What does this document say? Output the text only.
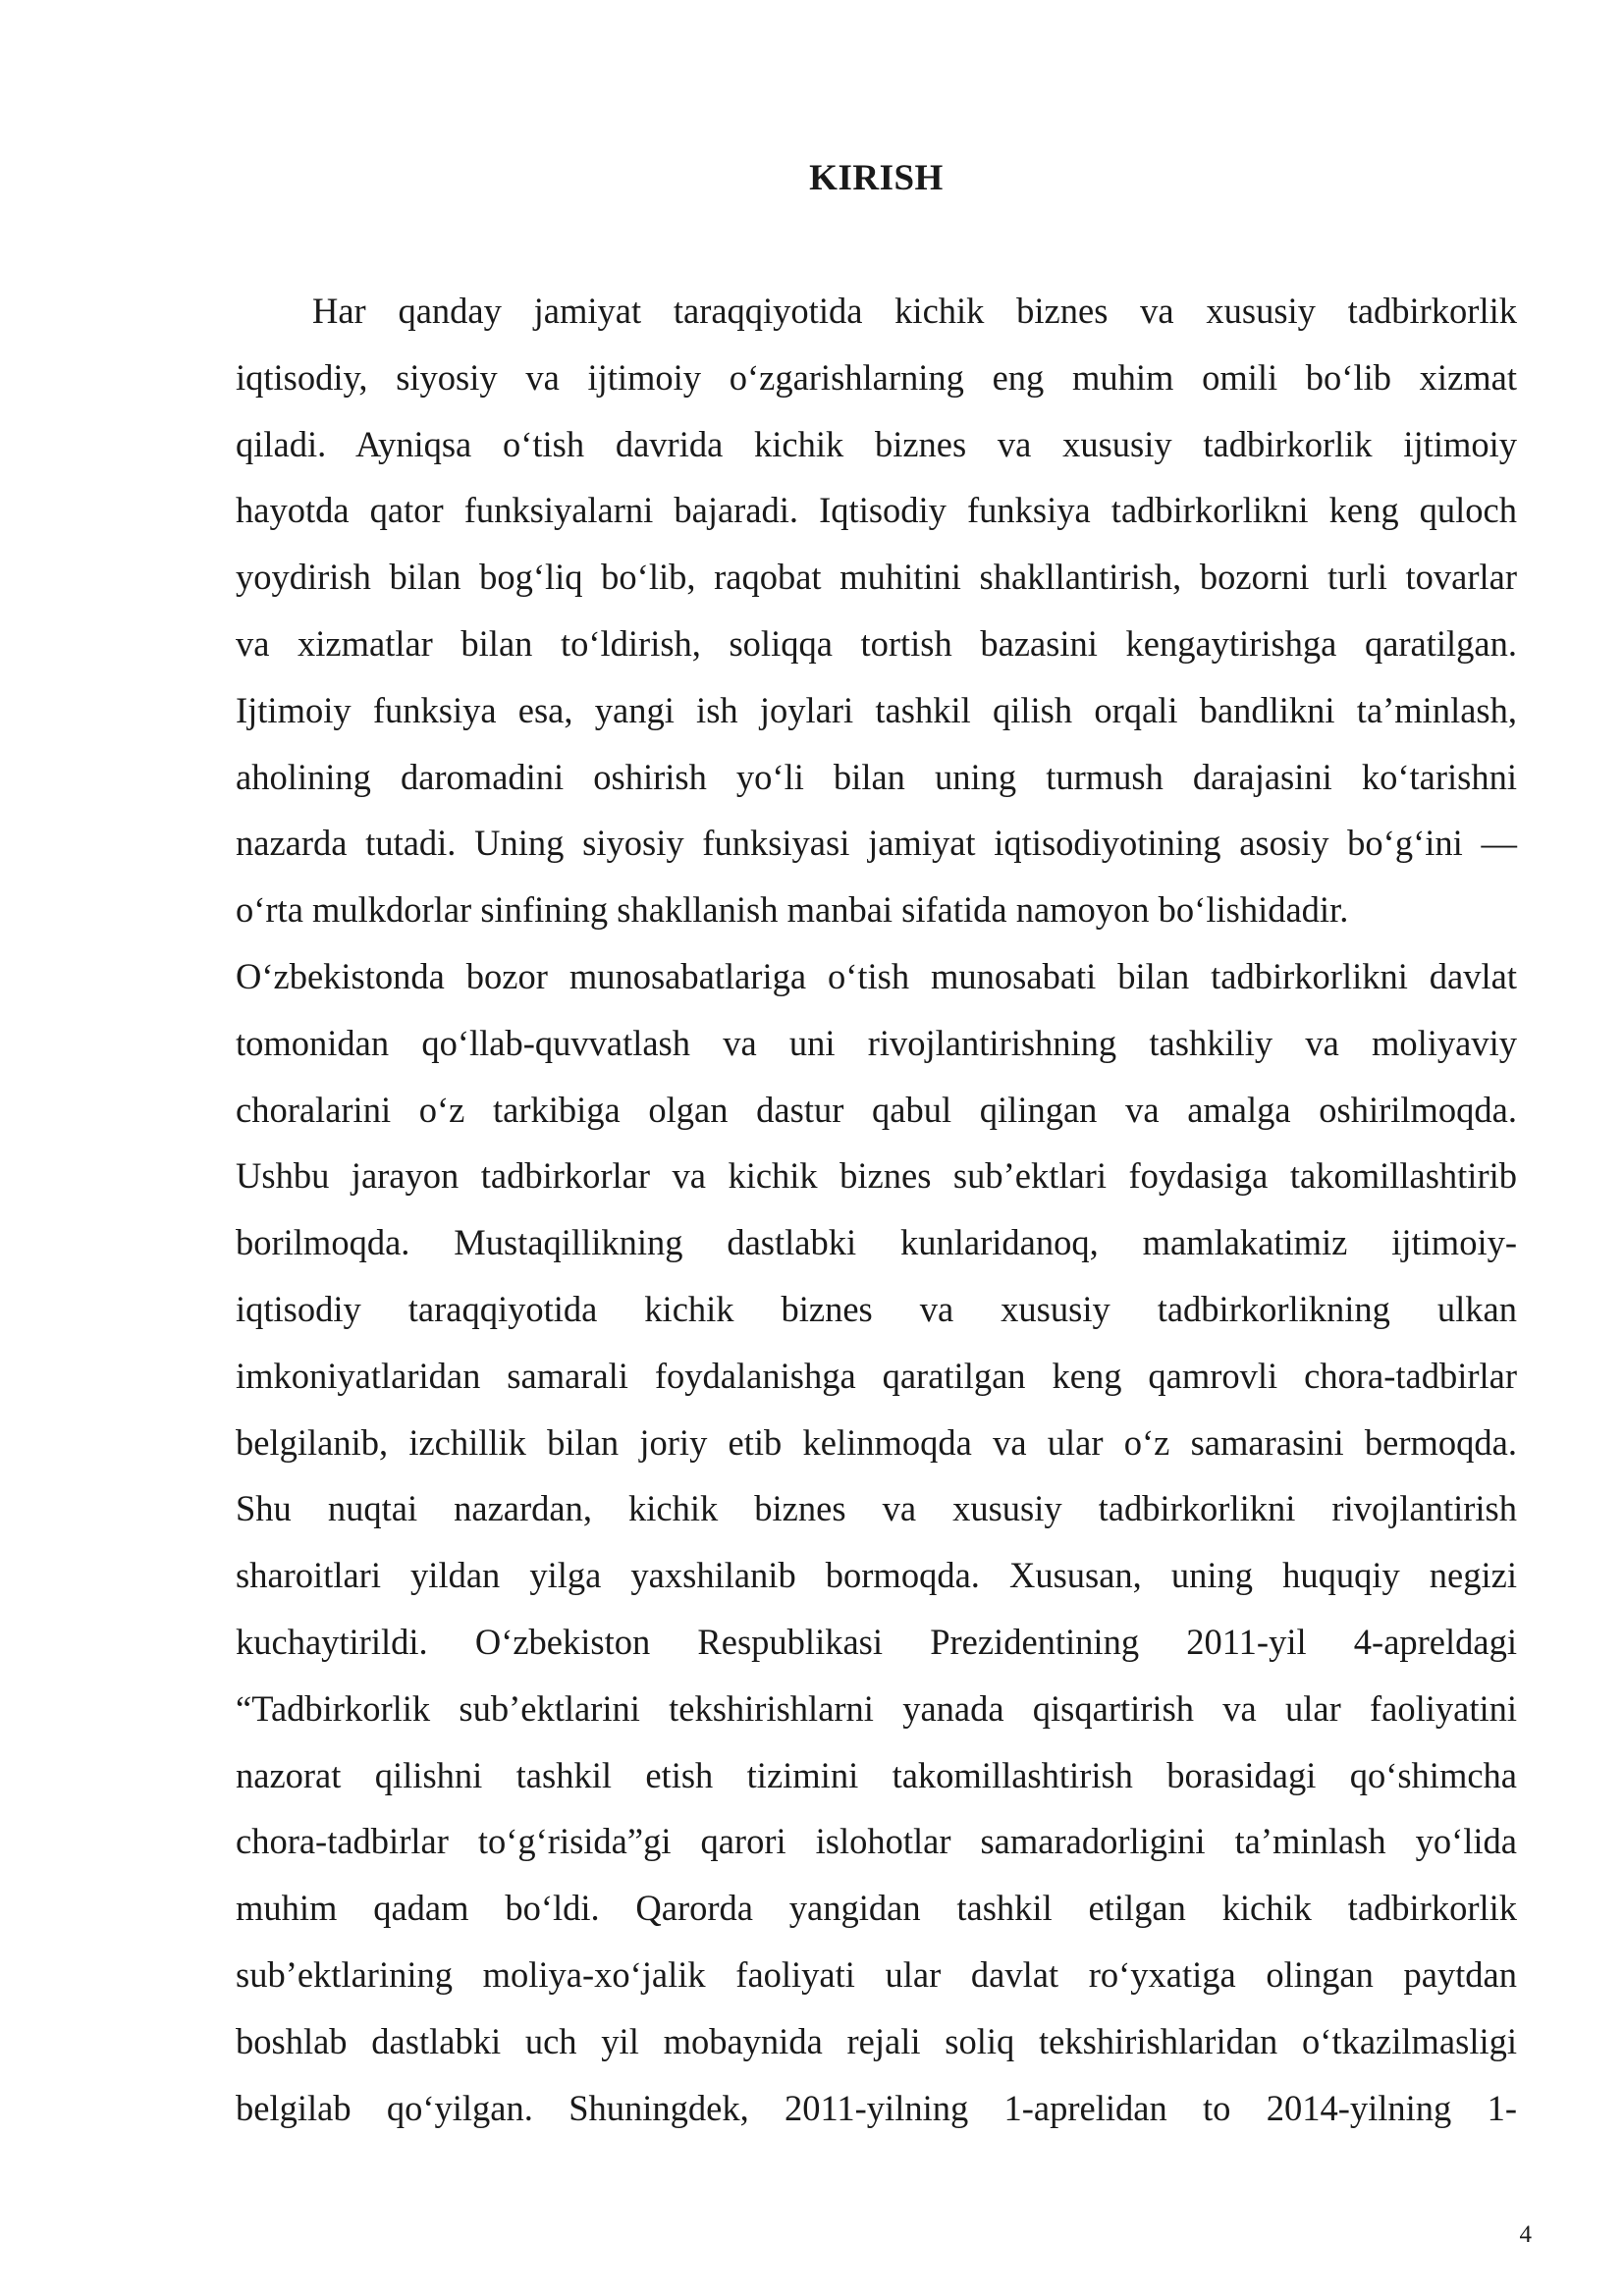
KIRISH
Har qanday jamiyat taraqqiyotida kichik biznes va xususiy tadbirkorlik
iqtisodiy, siyosiy va ijtimoiy o‘zgarishlarning eng muhim omili bo‘lib xizmat
qiladi. Ayniqsa o‘tish davrida kichik biznes va xususiy tadbirkorlik ijtimoiy
hayotda qator funksiyalarni bajaradi. Iqtisodiy funksiya tadbirkorlikni keng quloch
yoydirish bilan bog‘liq bo‘lib, raqobat muhitini shakllantirish, bozorni turli tovarlar
va xizmatlar bilan to‘ldirish, soliqqa tortish bazasini kengaytirishga qaratilgan.
Ijtimoiy funksiya esa, yangi ish joylari tashkil qilish orqali bandlikni ta’minlash,
aholining daromadini oshirish yo‘li bilan uning turmush darajasini ko‘tarishni
nazarda tutadi. Uning siyosiy funksiyasi jamiyat iqtisodiyotining asosiy bo‘g‘ini —
o‘rta mulkdorlar sinfining shakllanish manbai sifatida namoyon bo‘lishidadir.
O‘zbekistonda bozor munosabatlariga o‘tish munosabati bilan tadbirkorlikni davlat
tomonidan qo‘llab-quvvatlash va uni rivojlantirishning tashkiliy va moliyaviy
choralarini o‘z tarkibiga olgan dastur qabul qilingan va amalga oshirilmoqda.
Ushbu jarayon tadbirkorlar va kichik biznes sub’ektlari foydasiga takomillashtirib
borilmoqda. Mustaqillikning dastlabki kunlaridanoq, mamlakatimiz ijtimoiy-
iqtisodiy taraqqiyotida kichik biznes va xususiy tadbirkorlikning ulkan
imkoniyatlaridan samarali foydalanishga qaratilgan keng qamrovli chora-tadbirlar
belgilanib, izchillik bilan joriy etib kelinmoqda va ular o‘z samarasini bermoqda.
Shu nuqtai nazardan, kichik biznes va xususiy tadbirkorlikni rivojlantirish
sharoitlari yildan yilga yaxshilanib bormoqda. Xususan, uning huquqiy negizi
kuchaytirildi. O‘zbekiston Respublikasi Prezidentining 2011-yil 4-apreldagi
“Tadbirkorlik sub’ektlarini tekshirishlarni yanada qisqartirish va ular faoliyatini
nazorat qilishni tashkil etish tizimini takomillashtirish borasidagi qo‘shimcha
chora-tadbirlar to‘g‘risida”gi qarori islohotlar samaradorligini ta’minlash yo‘lida
muhim qadam bo‘ldi. Qarorda yangidan tashkil etilgan kichik tadbirkorlik
sub’ektlarining moliya-xo‘jalik faoliyati ular davlat ro‘yxatiga olingan paytdan
boshlab dastlabki uch yil mobaynida rejali soliq tekshirishlaridan o‘tkazilmasligi
belgilab qo‘yilgan. Shuningdek, 2011-yilning 1-aprelidan to 2014-yilning 1-
4
